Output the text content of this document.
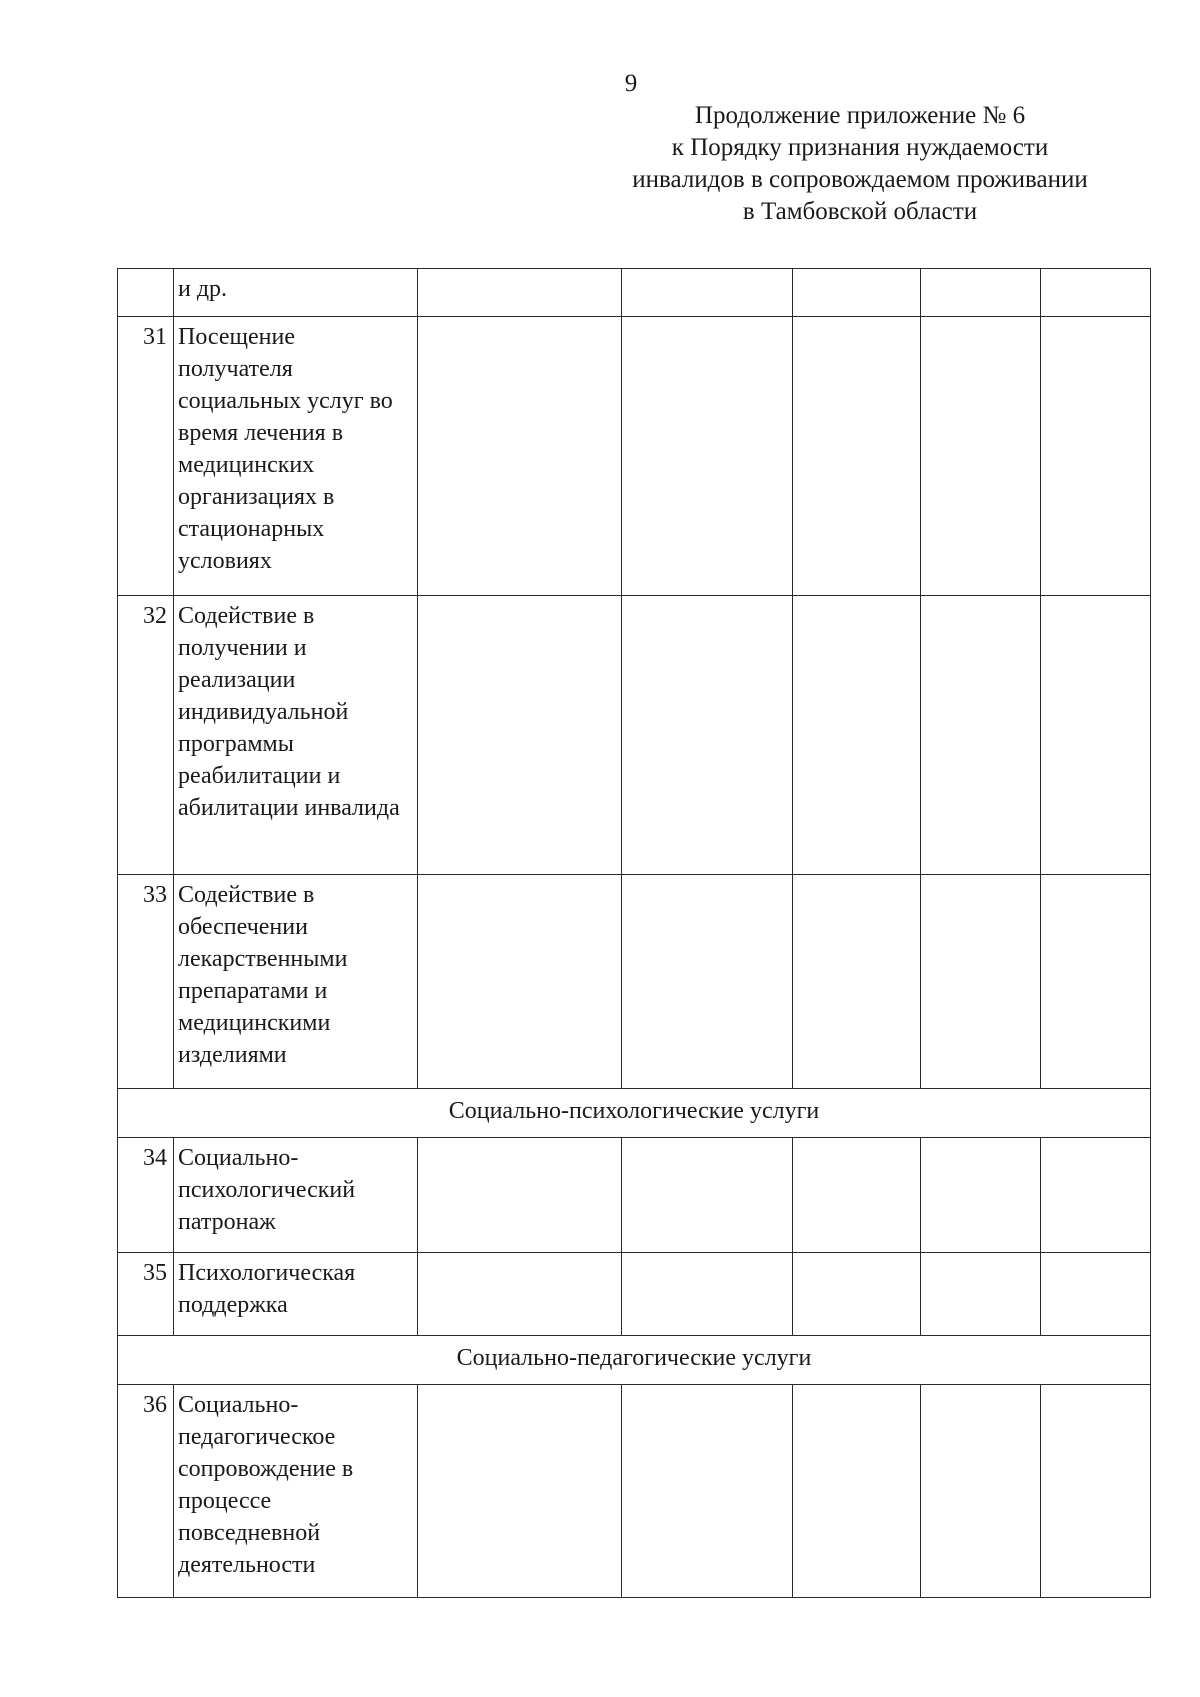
9
Продолжение приложение № 6
к Порядку признания нуждаемости
инвалидов в сопровождаемом проживании
в Тамбовской области
	и др.					
31	Посещение получателя социальных услуг во время лечения в медицинских организациях в стационарных условиях					
32	Содействие в получении и реализации индивидуальной программы реабилитации и абилитации инвалида					
33	Содействие в обеспечении лекарственными препаратами и медицинскими изделиями					
Социально-психологические услуги						
34	Социально-психологический патронаж					
35	Психологическая поддержка					
Социально-педагогические услуги						
36	Социально-педагогическое сопровождение в процессе повседневной деятельности					
